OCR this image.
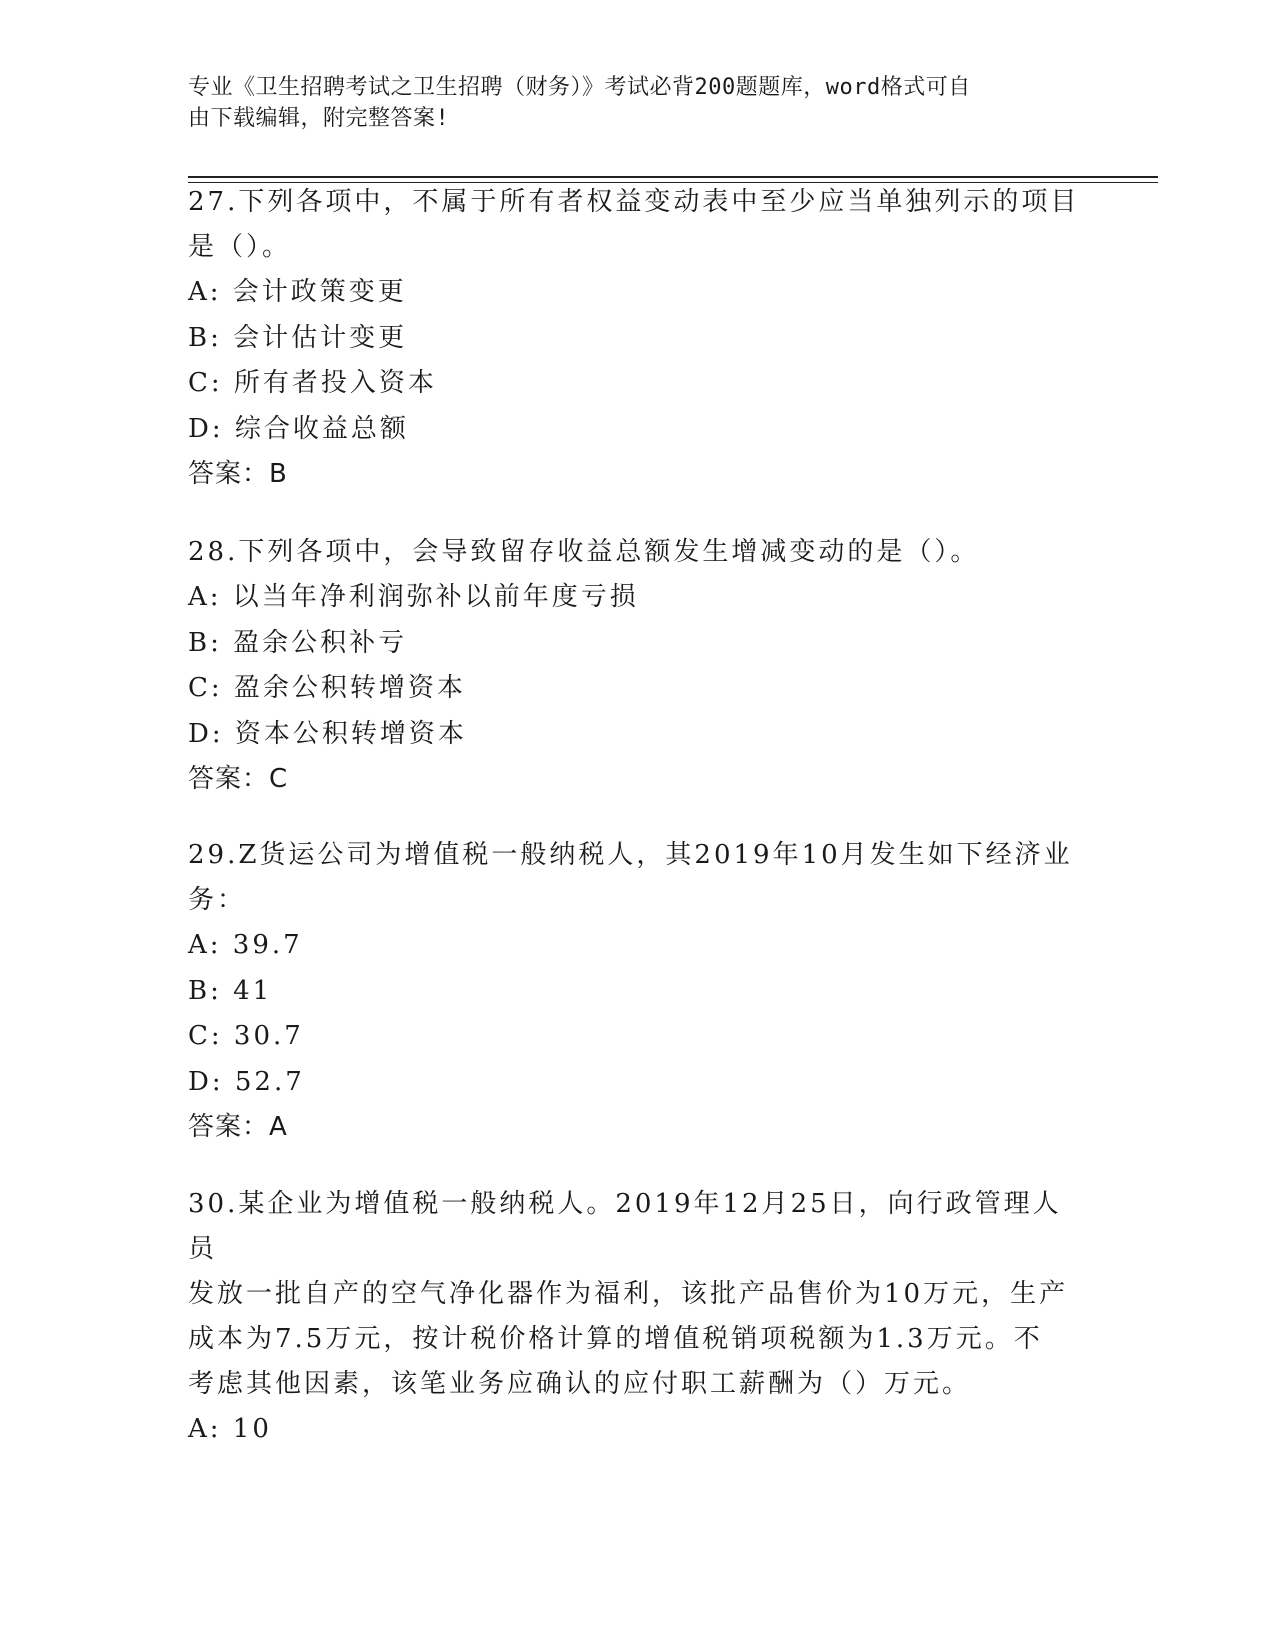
专业《卫生招聘考试之卫生招聘（财务）》考试必背200题题库，word格式可自
由下载编辑，附完整答案!
27.下列各项中，不属于所有者权益变动表中至少应当单独列示的项目
是（）。
A: 会计政策变更
B: 会计估计变更
C: 所有者投入资本
D: 综合收益总额
答案：B
28.下列各项中，会导致留存收益总额发生增减变动的是（）。
A: 以当年净利润弥补以前年度亏损
B: 盈余公积补亏
C: 盈余公积转增资本
D: 资本公积转增资本
答案：C
29.Z货运公司为增值税一般纳税人，其2019年10月发生如下经济业
务：
A: 39.7
B: 41
C: 30.7
D: 52.7
答案：A
30.某企业为增值税一般纳税人。2019年12月25日，向行政管理人员
发放一批自产的空气净化器作为福利，该批产品售价为10万元，生产
成本为7.5万元，按计税价格计算的增值税销项税额为1.3万元。不
考虑其他因素，该笔业务应确认的应付职工薪酬为（）万元。
A: 10
